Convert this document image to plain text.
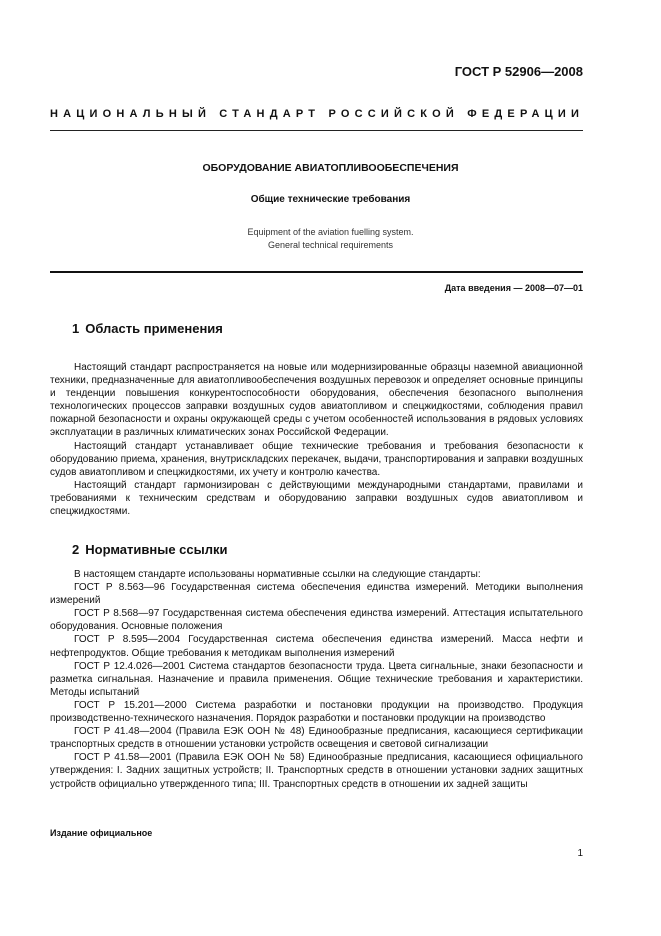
ГОСТ Р 52906—2008
НАЦИОНАЛЬНЫЙ СТАНДАРТ РОССИЙСКОЙ ФЕДЕРАЦИИ
ОБОРУДОВАНИЕ АВИАТОПЛИВООБЕСПЕЧЕНИЯ
Общие технические требования
Equipment of the aviation fuelling system.
General technical requirements
Дата введения — 2008—07—01
1 Область применения

Настоящий стандарт распространяется на новые или модернизированные образцы наземной авиационной техники, предназначенные для авиатопливообеспечения воздушных перевозок и определяет основные принципы и тенденции повышения конкурентоспособности оборудования, обеспечения безопасного выполнения технологических процессов заправки воздушных судов авиатопливом и спецжидкостями, соблюдения правил пожарной безопасности и охраны окружающей среды с учетом особенностей использования в рядовых условиях эксплуатации в различных климатических зонах Российской Федерации.

Настоящий стандарт устанавливает общие технические требования и требования безопасности к оборудованию приема, хранения, внутрискладских перекачек, выдачи, транспортирования и заправки воздушных судов авиатопливом и спецжидкостями, их учету и контролю качества.

Настоящий стандарт гармонизирован с действующими международными стандартами, правилами и требованиями к техническим средствам и оборудованию заправки воздушных судов авиатопливом и спецжидкостями.

2 Нормативные ссылки

В настоящем стандарте использованы нормативные ссылки на следующие стандарты:

ГОСТ Р 8.563—96 Государственная система обеспечения единства измерений. Методики выполнения измерений

ГОСТ Р 8.568—97 Государственная система обеспечения единства измерений. Аттестация испытательного оборудования. Основные положения

ГОСТ Р 8.595—2004 Государственная система обеспечения единства измерений. Масса нефти и нефтепродуктов. Общие требования к методикам выполнения измерений

ГОСТ Р 12.4.026—2001 Система стандартов безопасности труда. Цвета сигнальные, знаки безопасности и разметка сигнальная. Назначение и правила применения. Общие технические требования и характеристики. Методы испытаний

ГОСТ Р 15.201—2000 Система разработки и постановки продукции на производство. Продукция производственно-технического назначения. Порядок разработки и постановки продукции на производство

ГОСТ Р 41.48—2004 (Правила ЕЭК ООН № 48) Единообразные предписания, касающиеся сертификации транспортных средств в отношении установки устройств освещения и световой сигнализации

ГОСТ Р 41.58—2001 (Правила ЕЭК ООН № 58) Единообразные предписания, касающиеся официального утверждения: I. Задних защитных устройств; II. Транспортных средств в отношении установки задних защитных устройств официально утвержденного типа; III. Транспортных средств в отношении их задней защиты

Издание официальное
1
